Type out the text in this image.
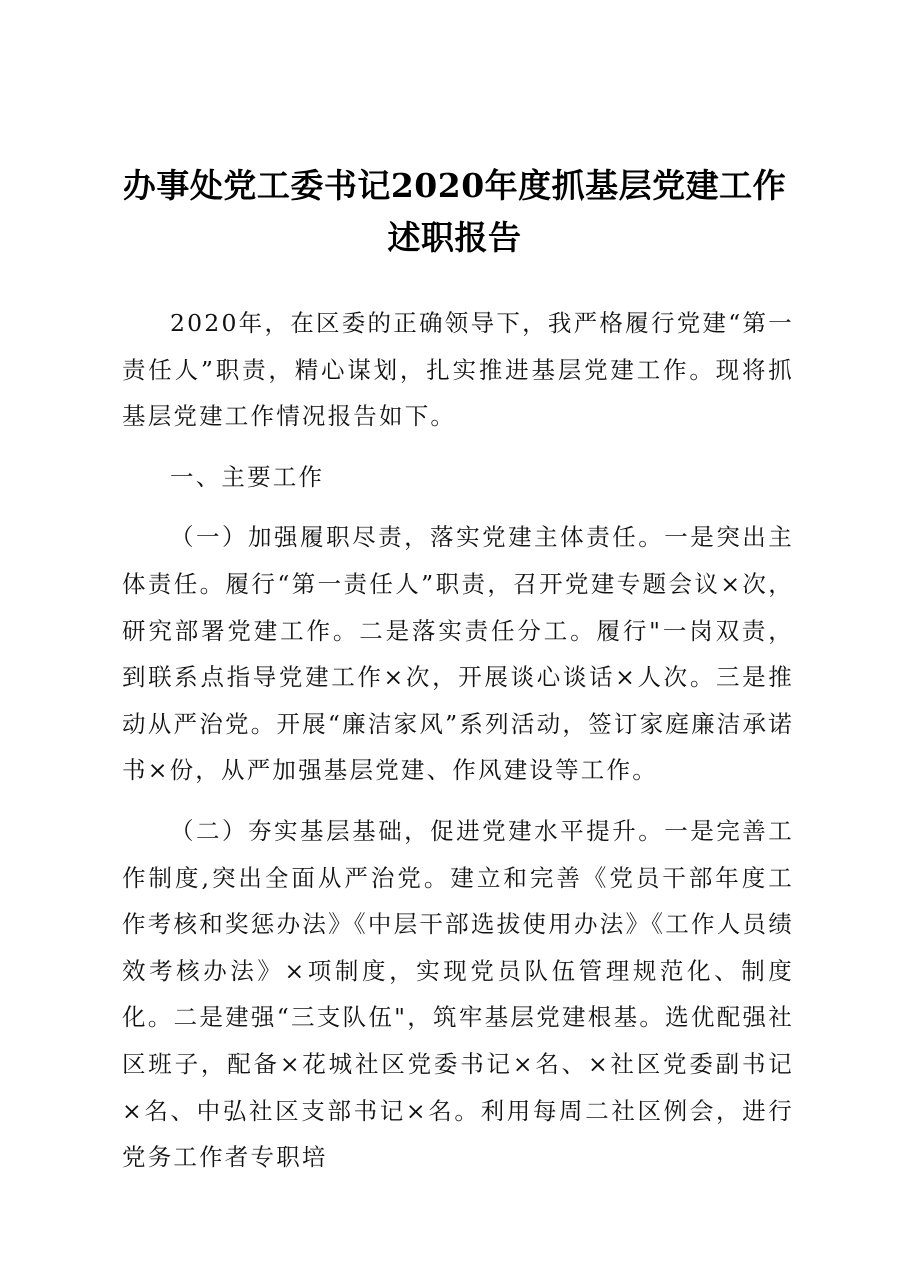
办事处党工委书记2020年度抓基层党建工作
述职报告

2020年，在区委的正确领导下，我严格履行党建“第一责任人”职责，精心谋划，扎实推进基层党建工作。现将抓基层党建工作情况报告如下。

一、主要工作

（一）加强履职尽责，落实党建主体责任。一是突出主体责任。履行“第一责任人”职责，召开党建专题会议×次，研究部署党建工作。二是落实责任分工。履行"一岗双责，到联系点指导党建工作×次，开展谈心谈话×人次。三是推动从严治党。开展“廉洁家风”系列活动，签订家庭廉洁承诺书×份，从严加强基层党建、作风建设等工作。

（二）夯实基层基础，促进党建水平提升。一是完善工作制度,突出全面从严治党。建立和完善《党员干部年度工作考核和奖惩办法》《中层干部选拔使用办法》《工作人员绩效考核办法》×项制度，实现党员队伍管理规范化、制度化。二是建强“三支队伍"，筑牢基层党建根基。选优配强社区班子，配备×花城社区党委书记×名、×社区党委副书记×名、中弘社区支部书记×名。利用每周二社区例会，进行党务工作者专职培
